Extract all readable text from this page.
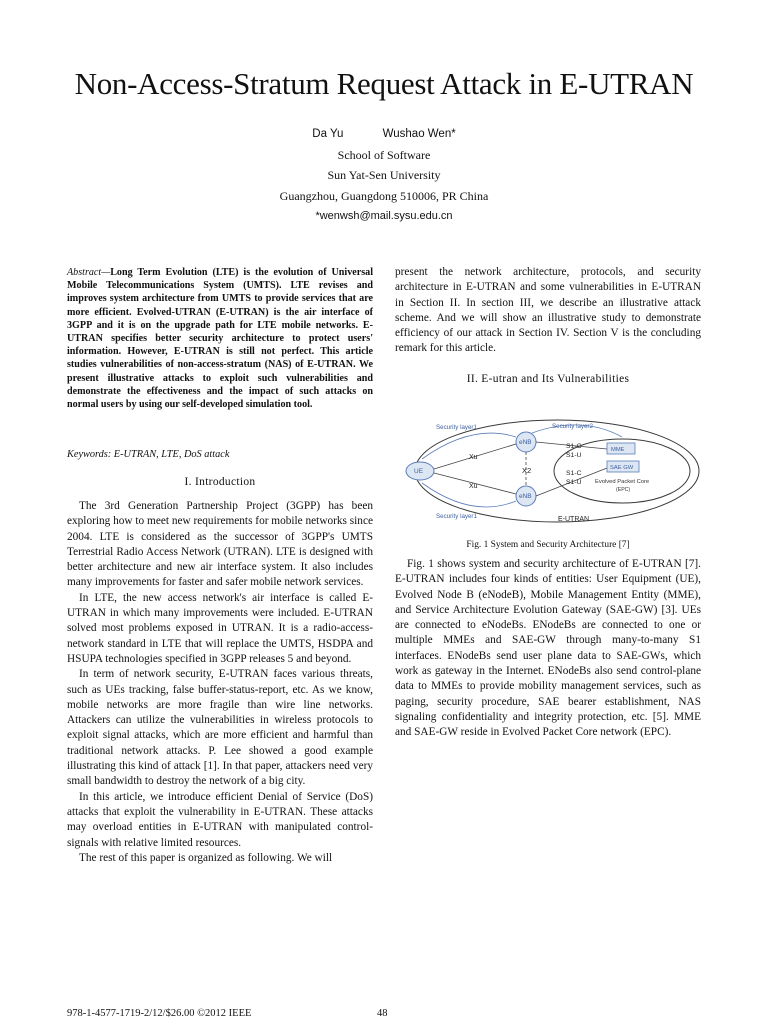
Non-Access-Stratum Request Attack in E-UTRAN
Da Yu	Wushao Wen*
School of Software
Sun Yat-Sen University
Guangzhou, Guangdong 510006, PR China
*wenwsh@mail.sysu.edu.cn
Abstract—Long Term Evolution (LTE) is the evolution of Universal Mobile Telecommunications System (UMTS). LTE revises and improves system architecture from UMTS to provide services that are more efficient. Evolved-UTRAN (E-UTRAN) is the air interface of 3GPP and it is on the upgrade path for LTE mobile networks. E-UTRAN specifies better security architecture to protect users' information. However, E-UTRAN is still not perfect. This article studies vulnerabilities of non-access-stratum (NAS) of E-UTRAN. We present illustrative attacks to exploit such vulnerabilities and demonstrate the effectiveness and the impact of such attacks on normal users by using our self-developed simulation tool.
Keywords: E-UTRAN, LTE, DoS attack
I. Introduction

The 3rd Generation Partnership Project (3GPP) has been exploring how to meet new requirements for mobile networks since 2004. LTE is considered as the successor of 3GPP's UMTS Terrestrial Radio Access Network (UTRAN). LTE is designed with better architecture and new air interface system. It also includes many improvements for faster and safer mobile network services.

In LTE, the new access network's air interface is called E-UTRAN in which many improvements were included. E-UTRAN solved most problems exposed in UTRAN. It is a radio-access-network standard in LTE that will replace the UMTS, HSDPA and HSUPA technologies specified in 3GPP releases 5 and beyond.

In term of network security, E-UTRAN faces various threats, such as UEs tracking, false buffer-status-report, etc. As we know, mobile networks are more fragile than wire line networks. Attackers can utilize the vulnerabilities in wireless protocols to exploit signal attacks, which are more efficient and harmful than traditional network attacks. P. Lee showed a good example illustrating this kind of attack [1]. In that paper, attackers need very small bandwidth to destroy the network of a big city.

In this article, we introduce efficient Denial of Service (DoS) attacks that exploit the vulnerability in E-UTRAN. These attacks may overload entities in E-UTRAN with manipulated control-signals with relative limited resources.

The rest of this paper is organized as following. We will

present the network architecture, protocols, and security architecture in E-UTRAN and some vulnerabilities in E-UTRAN in Section II. In section III, we describe an illustrative attack scheme. And we will show an illustrative study to demonstrate efficiency of our attack in Section IV. Section V is the concluding remark for this article.
II. E-utran and Its Vulnerabilities
Security layer1	Security layer2
Security layer1
UE
eNB
eNB
Xu
Xu
X2
S1-C
S1-U
S1-C
S1-U
MME
SAE GW
Evolved Packet Core
(EPC)
E-UTRAN
Fig. 1 System and Security Architecture [7]

Fig. 1 shows system and security architecture of E-UTRAN [7]. E-UTRAN includes four kinds of entities: User Equipment (UE), Evolved Node B (eNodeB), Mobile Management Entity (MME), and Service Architecture Evolution Gateway (SAE-GW) [3]. UEs are connected to eNodeBs. ENodeBs are connected to one or multiple MMEs and SAE-GW through many-to-many S1 interfaces. ENodeBs send user plane data to SAE-GWs, which work as gateway in the Internet. ENodeBs also send control-plane data to MMEs to provide mobility management services, such as paging, security procedure, SAE bearer establishment, NAS signaling confidentiality and integrity protection, etc. [5]. MME and SAE-GW reside in Evolved Packet Core network (EPC).

978-1-4577-1719-2/12/$26.00 ©2012 IEEE	48
